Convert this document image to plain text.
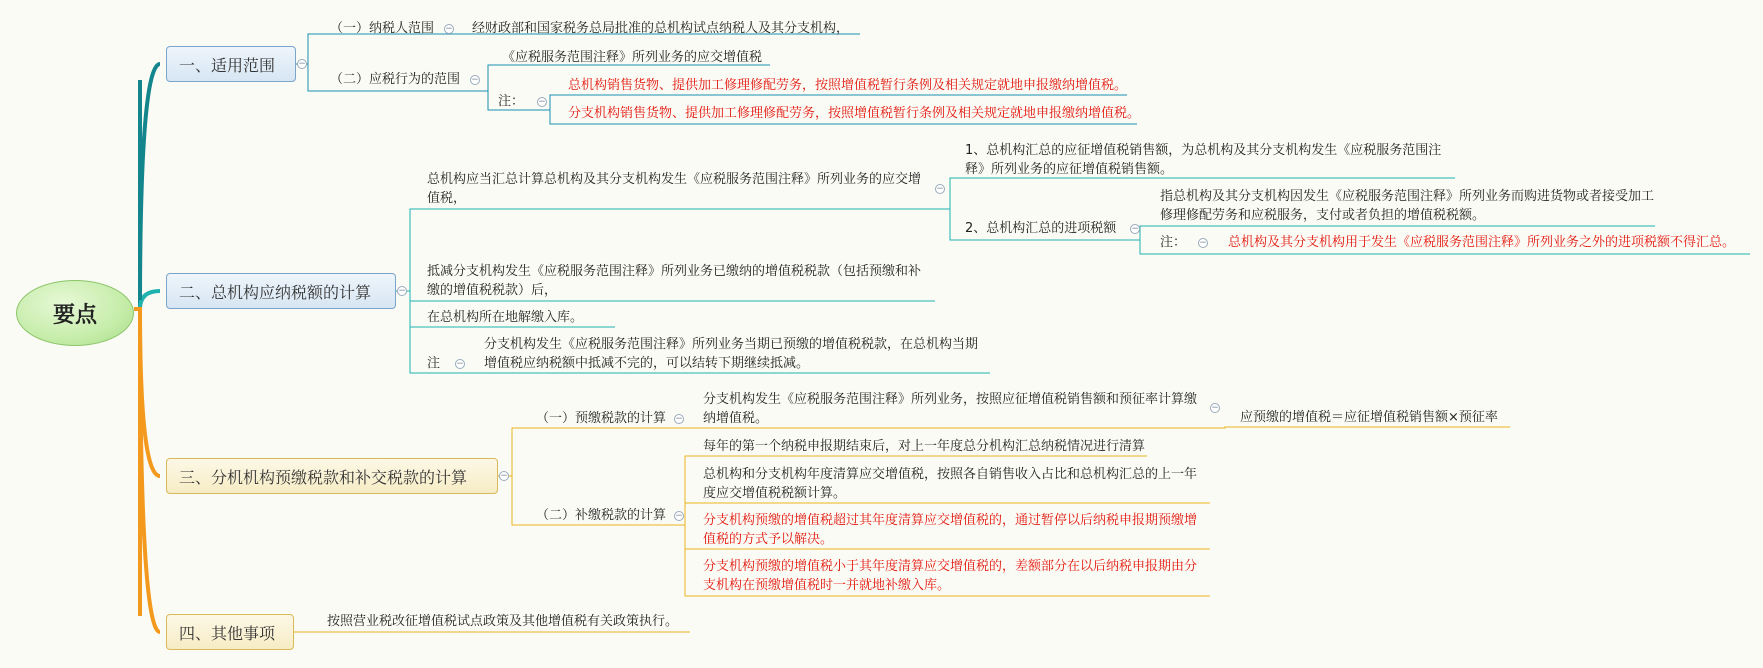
要点
一、适用范围	−
（一）纳税人范围 − 经财政部和国家税务总局批准的总机构试点纳税人及其分支机构，
（二）应税行为的范围 −
《应税服务范围注释》所列业务的应交增值税
注： −
总机构销售货物、提供加工修理修配劳务，按照增值税暂行条例及相关规定就地申报缴纳增值税。
分支机构销售货物、提供加工修理修配劳务，按照增值税暂行条例及相关规定就地申报缴纳增值税。
二、总机构应纳税额的计算	−
总机构应当汇总计算总机构及其分支机构发生《应税服务范围注释》所列业务的应交增值税，
−
1、总机构汇总的应征增值税销售额，为总机构及其分支机构发生《应税服务范围注释》所列业务的应征增值税销售额。
2、总机构汇总的进项税额 −
指总机构及其分支机构因发生《应税服务范围注释》所列业务而购进货物或者接受加工修理修配劳务和应税服务，支付或者负担的增值税税额。
注： − 总机构及其分支机构用于发生《应税服务范围注释》所列业务之外的进项税额不得汇总。
抵减分支机构发生《应税服务范围注释》所列业务已缴纳的增值税税款（包括预缴和补缴的增值税税款）后，
在总机构所在地解缴入库。
注 −
分支机构发生《应税服务范围注释》所列业务当期已预缴的增值税税款，在总机构当期增值税应纳税额中抵减不完的，可以结转下期继续抵减。
三、分机机构预缴税款和补交税款的计算	−
（一）预缴税款的计算 −
分支机构发生《应税服务范围注释》所列业务，按照应征增值税销售额和预征率计算缴纳增值税。
−
应预缴的增值税＝应征增值税销售额×预征率
（二）补缴税款的计算 −
每年的第一个纳税申报期结束后，对上一年度总分机构汇总纳税情况进行清算
总机构和分支机构年度清算应交增值税，按照各自销售收入占比和总机构汇总的上一年度应交增值税税额计算。
分支机构预缴的增值税超过其年度清算应交增值税的，通过暂停以后纳税申报期预缴增值税的方式予以解决。
分支机构预缴的增值税小于其年度清算应交增值税的，差额部分在以后纳税申报期由分支机构在预缴增值税时一并就地补缴入库。
四、其他事项
按照营业税改征增值税试点政策及其他增值税有关政策执行。
